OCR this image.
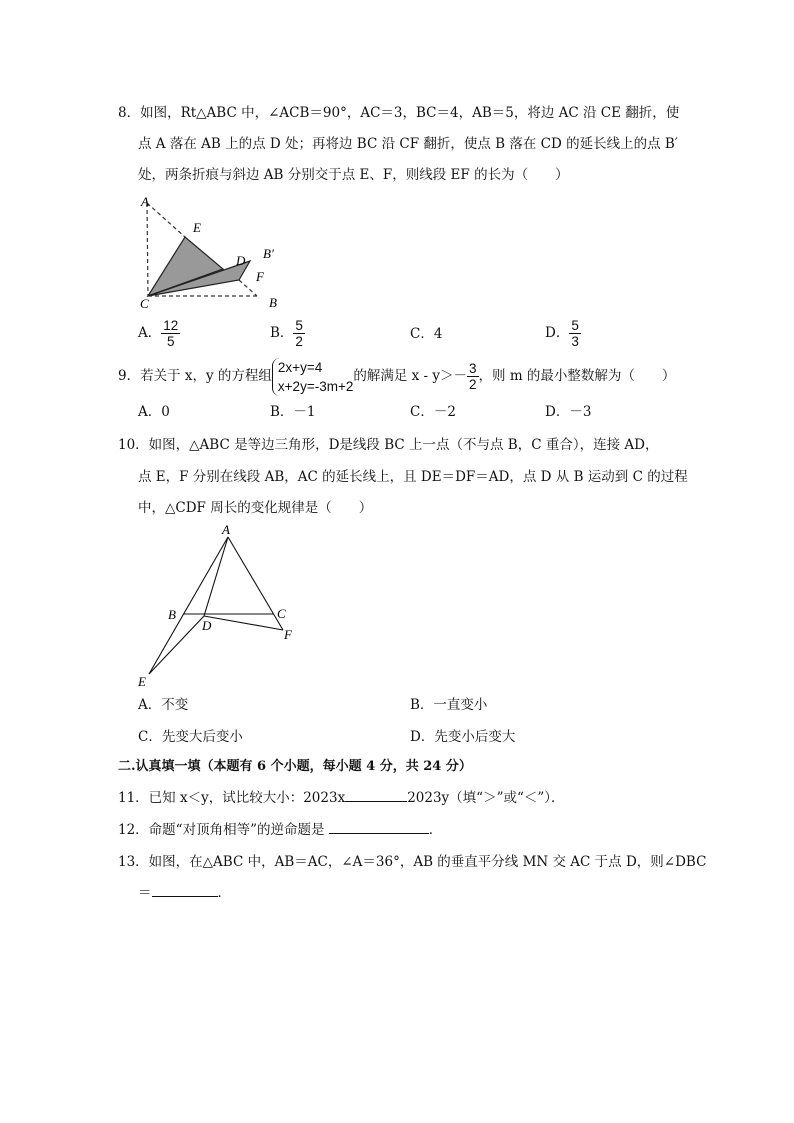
8．如图，Rt△ABC 中，∠ACB＝90°，AC＝3，BC＝4，AB＝5，将边 AC 沿 CE 翻折，使
点 A 落在 AB 上的点 D 处；再将边 BC 沿 CF 翻折，使点 B 落在 CD 的延长线上的点 B′
处，两条折痕与斜边 AB 分别交于点 E、F，则线段 EF 的长为（　　）
A
E
D B′
F
B
C
A
B	C
D
F
E
A． $\frac{12}{5}$	B． $\frac{5}{2}$	C．4	D． $\frac{5}{3}$
9．若关于 x，y 的方程组
2x+y=4
x+2y=-3m+2
的解满足 $x - y>- \frac{3}{2}$ ，则 m 的最小整数解为（　　）
A．0	B．－1	C．－2	D．－3
10．如图，△ABC 是等边三角形，D是线段 BC 上一点（不与点 B，C 重合），连接 AD，
点 E，F 分别在线段 AB，AC 的延长线上，且 DE＝DF＝AD，点 D 从 B 运动到 C 的过程
中，△CDF 周长的变化规律是（　　）
A．不变	B．一直变小
C．先变大后变小	D．先变小后变大
二.认真填一填（本题有 6 个小题，每小题 4 分，共 24 分）
11．已知 x＜y，试比较大小：2023x	2023y（填“＞”或“＜”）．
12．命题“对顶角相等”的逆命题是	．
13．如图，在△ABC 中，AB＝AC，∠A＝36°，AB 的垂直平分线 MN 交 AC 于点 D，则∠DBC
＝	．
